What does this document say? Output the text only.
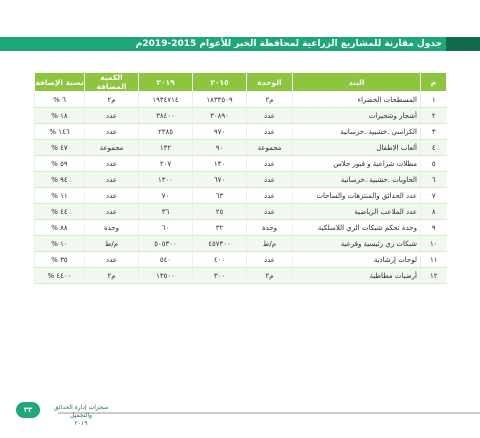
جدول مقارنة للمشاريع الزراعية لمحافظة الخبر للأعوام 2015-2019م
م	البند	الوحدة	٢٠١٥	٢٠١٩	الكمية المضافة	نسبة الإضافة
١	المسطحات الخضراء	م٢	١٨٣٣٥٠٩	١٩٣٤٧١٤	م٢	٦ %
٢	أشجار وشجيرات	عدد	٣٠٨٩٠	٣٨٤٠٠	عدد	١٨ %
٣	الكراسي .خشبية .خرسانية	عدد	٩٧٠	٢٣٨٥	عدد	١٤٦ %
٤	ألعاب الاطفال	مجموعة	٩٠	١٣٢	مجموعة	٤٧ %
٥	مظلات شراعية و قبور جلاس	عدد	١٣٠	٢٠٧	عدد	٥٩ %
٦	الحاويات .خشبية .خرسانية	عدد	٦٧٠	١٣٠٠	عدد	٩٤ %
٧	عدد الحدائق والمنتزهات والساحات	عدد	٦٣	٧٠	عدد	١١ %
٨	عدد الملاعب الرياضية	عدد	٢٥	٣٦	عدد	٤٤ %
٩	وحدة تحكم شبكات الري اللاسلكية	وحدة	٣٢	٦٠	وحدة	٨٨ %
١٠	شبكات ري رئيسية وفرعية	م/ط	٤٥٧٣٠٠	٥٠٥٣٠٠	م/ط	١٠ %
١١	لوحات إرشادية	عدد	٤٠٠	٥٤٠	عدد	٣٥ %
١٢	أرضيات مطاطية	م٢	٣٠٠	١٣٥٠٠	م٢	٤٤٠٠ %
٣٣	منجزات إدارة الحدائق والتجميل
٢٠١٩
